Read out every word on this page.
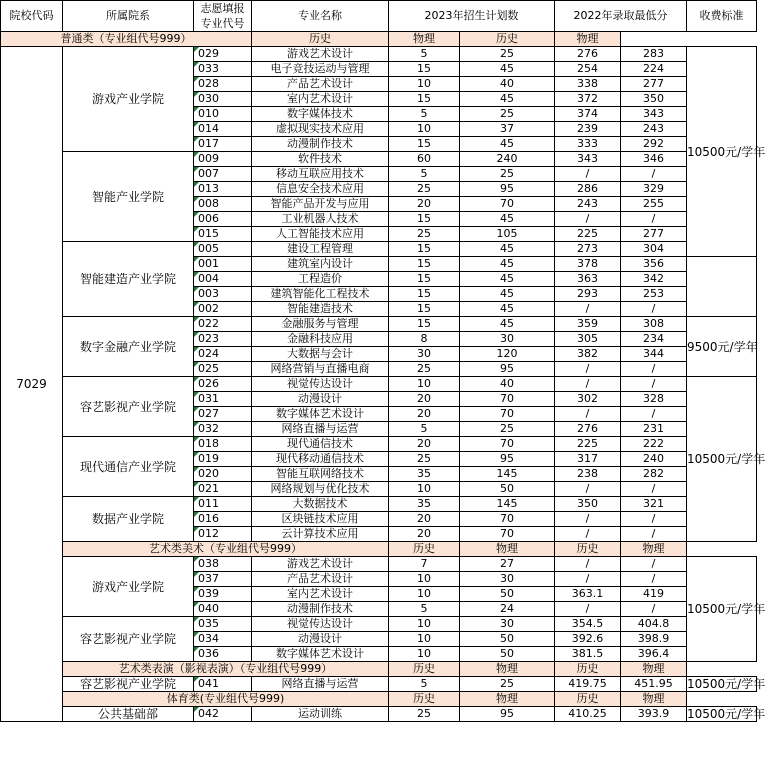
院校代码	所属院系	志愿填报
专业代号	专业名称	2023年招生计划数		2022年录取最低分		收费标准	
普通类（专业组代号999）			历史	物理	历史	物理			
7029	游戏产业学院	029	游戏艺术设计	5	25	276	283	10500元/学年	
		033	电子竞技运动与管理	15	45	254	224		
		028	产品艺术设计	10	40	338	277		
		030	室内艺术设计	15	45	372	350		
		010	数字媒体技术	5	25	374	343		
		014	虚拟现实技术应用	10	37	239	243		
		017	动漫制作技术	15	45	333	292		
	智能产业学院	009	软件技术	60	240	343	346		
		007	移动互联应用技术	5	25	/	/		
		013	信息安全技术应用	25	95	286	329		
		008	智能产品开发与应用	20	70	243	255		
		006	工业机器人技术	15	45	/	/		
		015	人工智能技术应用	25	105	225	277		
	智能建造产业学院	005	建设工程管理	15	45	273	304	
		001	建筑室内设计	15	45	378	356		
		004	工程造价	15	45	363	342		
		003	建筑智能化工程技术	15	45	293	253		
		002	智能建造技术	15	45	/	/		
	数字金融产业学院	022	金融服务与管理	15	45	359	308	9500元/学年	
		023	金融科技应用	8	30	305	234		
		024	大数据与会计	30	120	382	344		
		025	网络营销与直播电商	25	95	/	/		
	容艺影视产业学院	026	视觉传达设计	10	40	/	/	10500元/学年	
		031	动漫设计	20	70	302	328		
		027	数字媒体艺术设计	20	70	/	/		
		032	网络直播与运营	5	25	276	231		
	现代通信产业学院	018	现代通信技术	20	70	225	222		
		019	现代移动通信技术	25	95	317	240		
		020	智能互联网络技术	35	145	238	282		
		021	网络规划与优化技术	10	50	/	/		
	数据产业学院	011	大数据技术	35	145	350	321		
		016	区块链技术应用	20	70	/	/		
		012	云计算技术应用	20	70	/	/		
	艺术类美术（专业组代号999）			历史	物理	历史	物理		
	游戏产业学院	038	游戏艺术设计	7	27	/	/	10500元/学年	
		037	产品艺术设计	10	30	/	/		
		039	室内艺术设计	10	50	363.1	419		
		040	动漫制作技术	5	24	/	/		
	容艺影视产业学院	035	视觉传达设计	10	30	354.5	404.8		
		034	动漫设计	10	50	392.6	398.9		
		036	数字媒体艺术设计	10	50	381.5	396.4		
	艺术类表演（影视表演）（专业组代号999）			历史	物理	历史	物理		
	容艺影视产业学院	041	网络直播与运营	5	25	419.75	451.95	10500元/学年	
	体育类(专业组代号999)			历史	物理	历史	物理		
	公共基础部	042	运动训练	25	95	410.25	393.9	10500元/学年	
